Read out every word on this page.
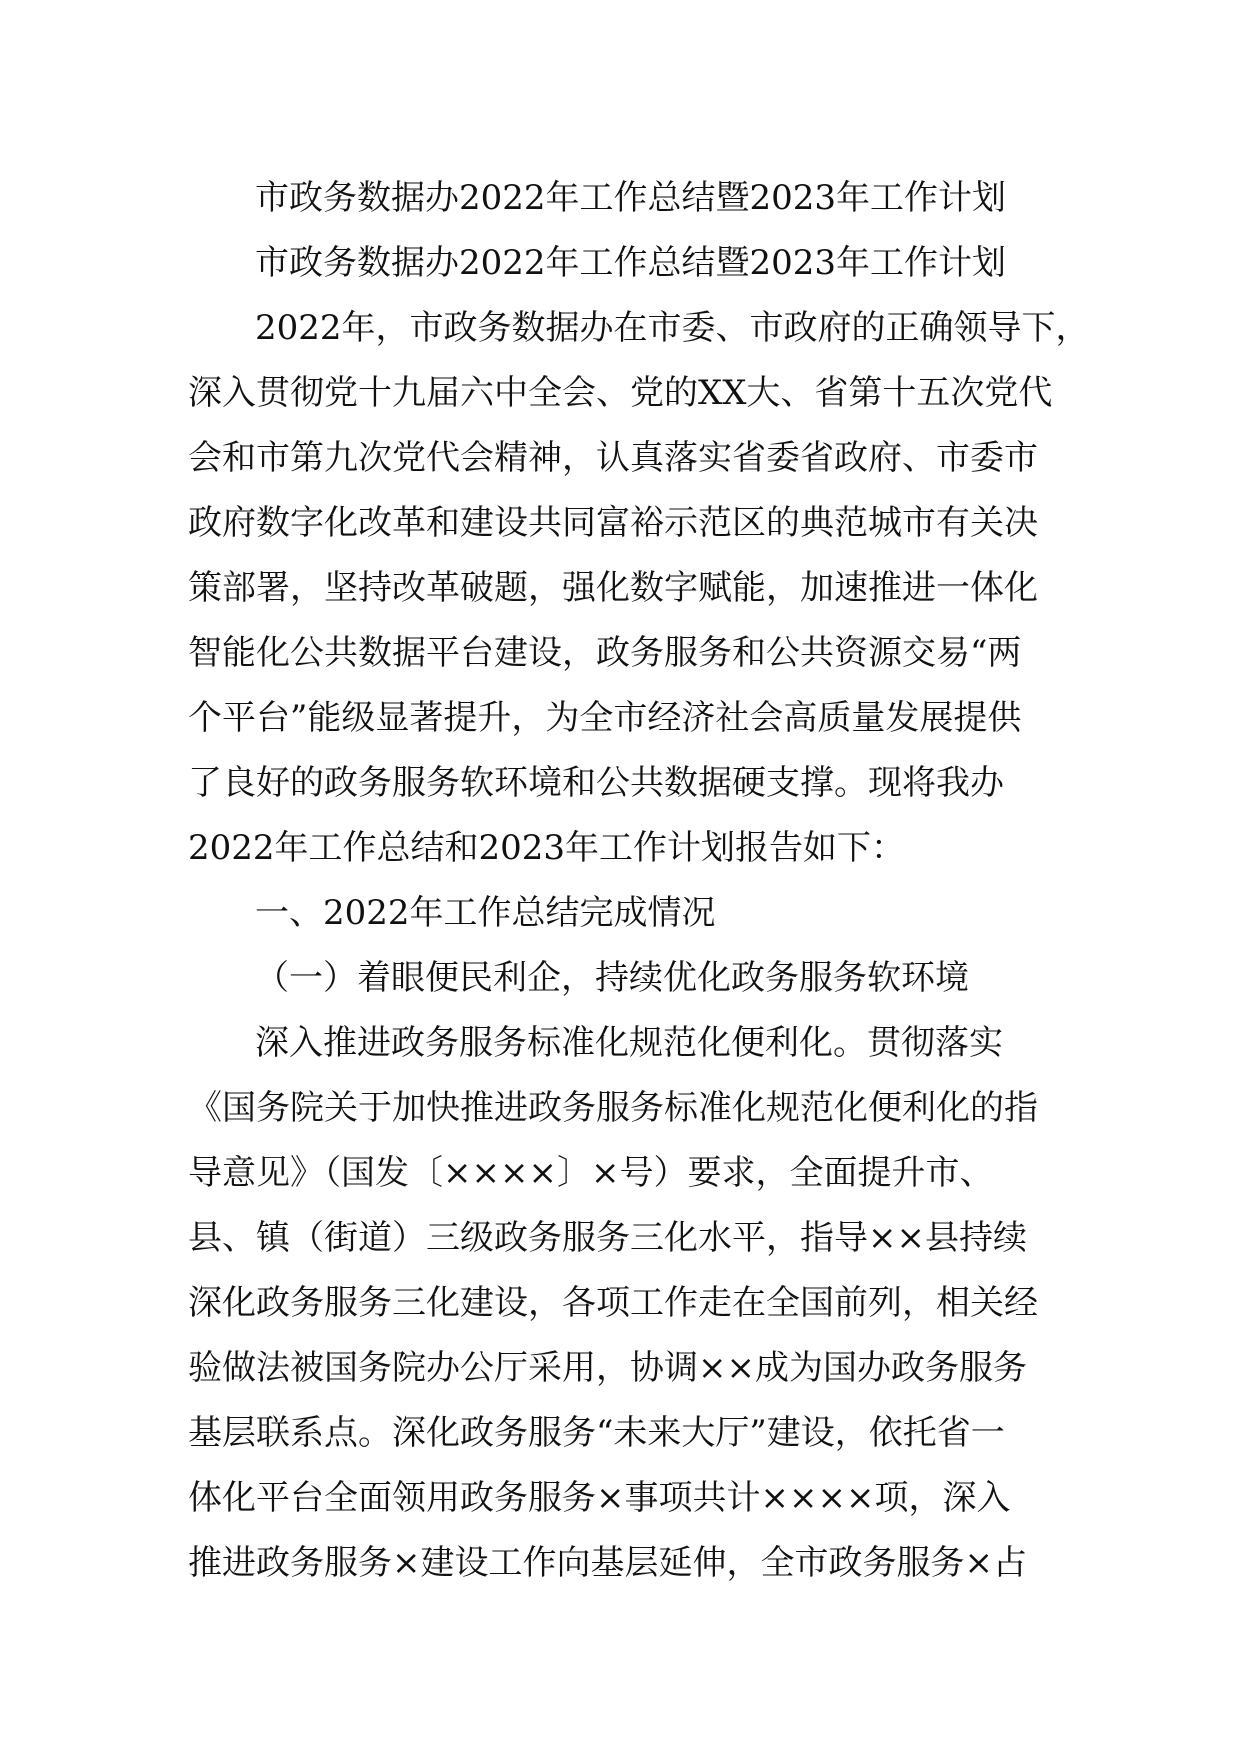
市政务数据办2022年工作总结暨2023年工作计划
市政务数据办2022年工作总结暨2023年工作计划
2022年，市政务数据办在市委、市政府的正确领导下，
深入贯彻党十九届六中全会、党的XX大、省第十五次党代
会和市第九次党代会精神，认真落实省委省政府、市委市
政府数字化改革和建设共同富裕示范区的典范城市有关决
策部署，坚持改革破题，强化数字赋能，加速推进一体化
智能化公共数据平台建设，政务服务和公共资源交易“两
个平台”能级显著提升，为全市经济社会高质量发展提供
了良好的政务服务软环境和公共数据硬支撑。现将我办
2022年工作总结和2023年工作计划报告如下：
一、2022年工作总结完成情况
（一）着眼便民利企，持续优化政务服务软环境
深入推进政务服务标准化规范化便利化。贯彻落实
《国务院关于加快推进政务服务标准化规范化便利化的指
导意见》（国发〔××××〕×号）要求，全面提升市、
县、镇（街道）三级政务服务三化水平，指导××县持续
深化政务服务三化建设，各项工作走在全国前列，相关经
验做法被国务院办公厅采用，协调××成为国办政务服务
基层联系点。深化政务服务“未来大厅”建设，依托省一
体化平台全面领用政务服务×事项共计××××项，深入
推进政务服务×建设工作向基层延伸，全市政务服务×占
